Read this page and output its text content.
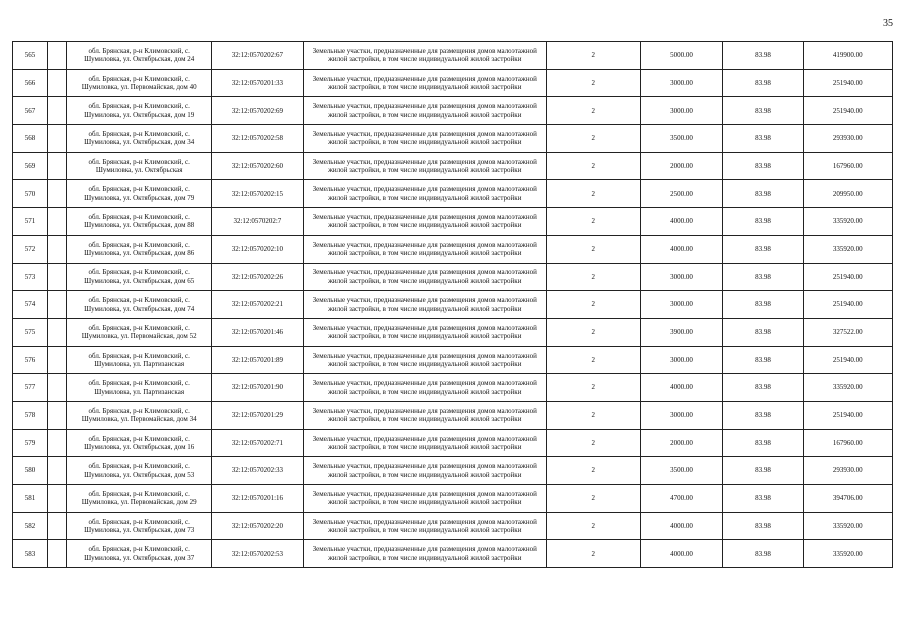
35
565		обл. Брянская, р-н Климовский, с. Шумиловка, ул. Октябрьская, дом 24	32:12:0570202:67	Земельные участки, предназначенные для размещения домов малоэтажной жилой застройки, в том числе индивидуальной жилой застройки	2	5000.00	83.98	419900.00
566		обл. Брянская, р-н Климовский, с. Шумиловка, ул. Первомайская, дом 40	32:12:0570201:33	Земельные участки, предназначенные для размещения домов малоэтажной жилой застройки, в том числе индивидуальной жилой застройки	2	3000.00	83.98	251940.00
567		обл. Брянская, р-н Климовский, с. Шумиловка, ул. Октябрьская, дом 19	32:12:0570202:69	Земельные участки, предназначенные для размещения домов малоэтажной жилой застройки, в том числе индивидуальной жилой застройки	2	3000.00	83.98	251940.00
568		обл. Брянская, р-н Климовский, с. Шумиловка, ул. Октябрьская, дом 34	32:12:0570202:58	Земельные участки, предназначенные для размещения домов малоэтажной жилой застройки, в том числе индивидуальной жилой застройки	2	3500.00	83.98	293930.00
569		обл. Брянская, р-н Климовский, с. Шумиловка, ул. Октябрьская	32:12:0570202:60	Земельные участки, предназначенные для размещения домов малоэтажной жилой застройки, в том числе индивидуальной жилой застройки	2	2000.00	83.98	167960.00
570		обл. Брянская, р-н Климовский, с. Шумиловка, ул. Октябрьская, дом 79	32:12:0570202:15	Земельные участки, предназначенные для размещения домов малоэтажной жилой застройки, в том числе индивидуальной жилой застройки	2	2500.00	83.98	209950.00
571		обл. Брянская, р-н Климовский, с. Шумиловка, ул. Октябрьская, дом 88	32:12:0570202:7	Земельные участки, предназначенные для размещения домов малоэтажной жилой застройки, в том числе индивидуальной жилой застройки	2	4000.00	83.98	335920.00
572		обл. Брянская, р-н Климовский, с. Шумиловка, ул. Октябрьская, дом 86	32:12:0570202:10	Земельные участки, предназначенные для размещения домов малоэтажной жилой застройки, в том числе индивидуальной жилой застройки	2	4000.00	83.98	335920.00
573		обл. Брянская, р-н Климовский, с. Шумиловка, ул. Октябрьская, дом 65	32:12:0570202:26	Земельные участки, предназначенные для размещения домов малоэтажной жилой застройки, в том числе индивидуальной жилой застройки	2	3000.00	83.98	251940.00
574		обл. Брянская, р-н Климовский, с. Шумиловка, ул. Октябрьская, дом 74	32:12:0570202:21	Земельные участки, предназначенные для размещения домов малоэтажной жилой застройки, в том числе индивидуальной жилой застройки	2	3000.00	83.98	251940.00
575		обл. Брянская, р-н Климовский, с. Шумиловка, ул. Первомайская, дом 52	32:12:0570201:46	Земельные участки, предназначенные для размещения домов малоэтажной жилой застройки, в том числе индивидуальной жилой застройки	2	3900.00	83.98	327522.00
576		обл. Брянская, р-н Климовский, с. Шумиловка, ул. Партизанская	32:12:0570201:89	Земельные участки, предназначенные для размещения домов малоэтажной жилой застройки, в том числе индивидуальной жилой застройки	2	3000.00	83.98	251940.00
577		обл. Брянская, р-н Климовский, с. Шумиловка, ул. Партизанская	32:12:0570201:90	Земельные участки, предназначенные для размещения домов малоэтажной жилой застройки, в том числе индивидуальной жилой застройки	2	4000.00	83.98	335920.00
578		обл. Брянская, р-н Климовский, с. Шумиловка, ул. Первомайская, дом 34	32:12:0570201:29	Земельные участки, предназначенные для размещения домов малоэтажной жилой застройки, в том числе индивидуальной жилой застройки	2	3000.00	83.98	251940.00
579		обл. Брянская, р-н Климовский, с. Шумиловка, ул. Октябрьская, дом 16	32:12:0570202:71	Земельные участки, предназначенные для размещения домов малоэтажной жилой застройки, в том числе индивидуальной жилой застройки	2	2000.00	83.98	167960.00
580		обл. Брянская, р-н Климовский, с. Шумиловка, ул. Октябрьская, дом 53	32:12:0570202:33	Земельные участки, предназначенные для размещения домов малоэтажной жилой застройки, в том числе индивидуальной жилой застройки	2	3500.00	83.98	293930.00
581		обл. Брянская, р-н Климовский, с. Шумиловка, ул. Первомайская, дом 29	32:12:0570201:16	Земельные участки, предназначенные для размещения домов малоэтажной жилой застройки, в том числе индивидуальной жилой застройки	2	4700.00	83.98	394706.00
582		обл. Брянская, р-н Климовский, с. Шумиловка, ул. Октябрьская, дом 73	32:12:0570202:20	Земельные участки, предназначенные для размещения домов малоэтажной жилой застройки, в том числе индивидуальной жилой застройки	2	4000.00	83.98	335920.00
583		обл. Брянская, р-н Климовский, с. Шумиловка, ул. Октябрьская, дом 37	32:12:0570202:53	Земельные участки, предназначенные для размещения домов малоэтажной жилой застройки, в том числе индивидуальной жилой застройки	2	4000.00	83.98	335920.00
